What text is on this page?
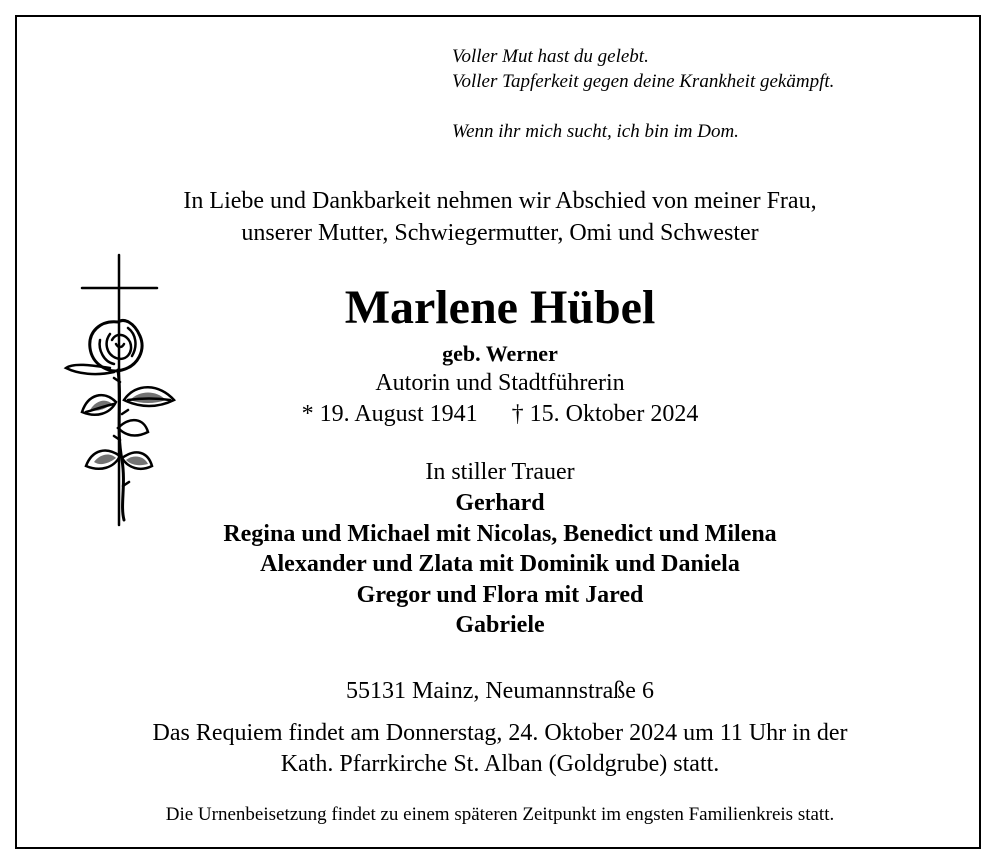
Voller Mut hast du gelebt.

Voller Tapferkeit gegen deine Krankheit gekämpft.

Wenn ihr mich sucht, ich bin im Dom.

In Liebe und Dankbarkeit nehmen wir Abschied von meiner Frau,
unserer Mutter, Schwiegermutter, Omi und Schwester
Marlene Hübel
geb. Werner
Autorin und Stadtführerin
* 19. August 1941 † 15. Oktober 2024
In stiller Trauer
Gerhard
Regina und Michael mit Nicolas, Benedict und Milena
Alexander und Zlata mit Dominik und Daniela
Gregor und Flora mit Jared
Gabriele
55131 Mainz, Neumannstraße 6
Das Requiem findet am Donnerstag, 24. Oktober 2024 um 11 Uhr in der
Kath. Pfarrkirche St. Alban (Goldgrube) statt.
Die Urnenbeisetzung findet zu einem späteren Zeitpunkt im engsten Familienkreis statt.
